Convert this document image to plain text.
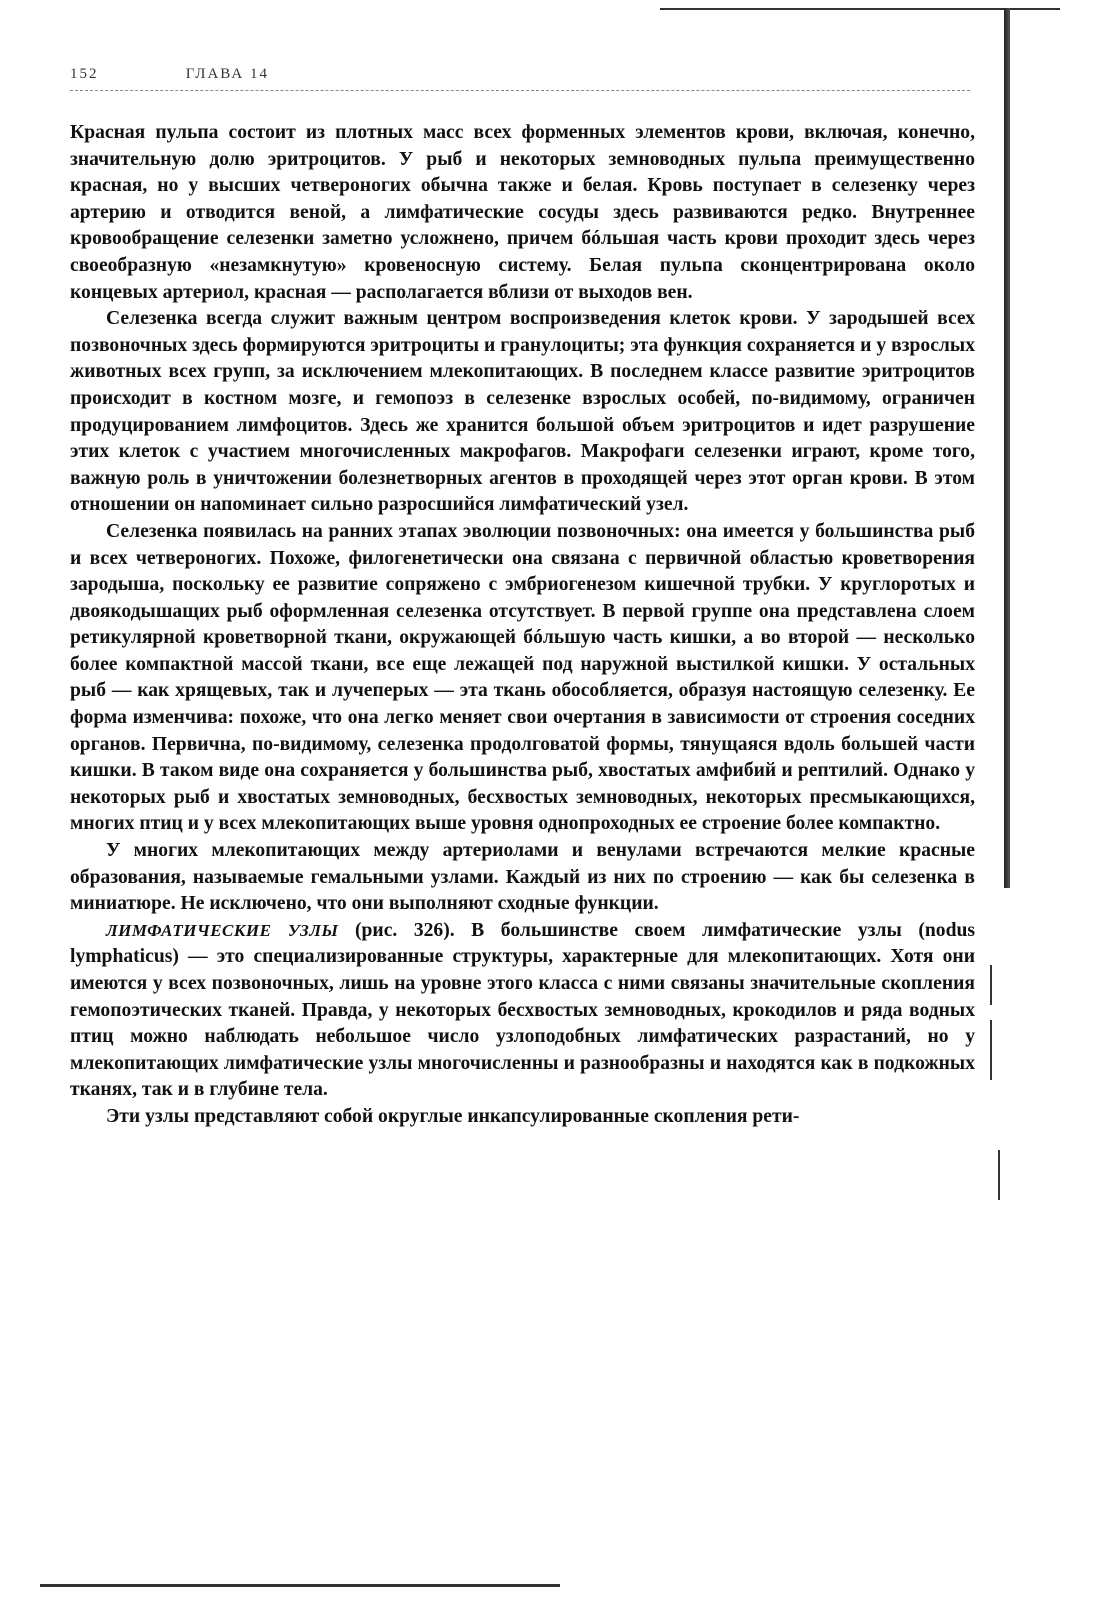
152	ГЛАВА 14

Красная пульпа состоит из плотных масс всех форменных элементов крови, включая, конечно, значительную долю эритроцитов. У рыб и некоторых земноводных пульпа преимущественно красная, но у высших четвероногих обычна также и белая. Кровь поступает в селезенку через артерию и отводится веной, а лимфатические сосуды здесь развиваются редко. Внутреннее кровообращение селезенки заметно усложнено, причем бóльшая часть крови проходит здесь через своеобразную «незамкнутую» кровеносную систему. Белая пульпа сконцентрирована около концевых артериол, красная — располагается вблизи от выходов вен.

Селезенка всегда служит важным центром воспроизведения клеток крови. У зародышей всех позвоночных здесь формируются эритроциты и гранулоциты; эта функция сохраняется и у взрослых животных всех групп, за исключением млекопитающих. В последнем классе развитие эритроцитов происходит в костном мозге, и гемопоэз в селезенке взрослых особей, по-видимому, ограничен продуцированием лимфоцитов. Здесь же хранится большой объем эритроцитов и идет разрушение этих клеток с участием многочисленных макрофагов. Макрофаги селезенки играют, кроме того, важную роль в уничтожении болезнетворных агентов в проходящей через этот орган крови. В этом отношении он напоминает сильно разросшийся лимфатический узел.

Селезенка появилась на ранних этапах эволюции позвоночных: она имеется у большинства рыб и всех четвероногих. Похоже, филогенетически она связана с первичной областью кроветворения зародыша, поскольку ее развитие сопряжено с эмбриогенезом кишечной трубки. У круглоротых и двоякодышащих рыб оформленная селезенка отсутствует. В первой группе она представлена слоем ретикулярной кроветворной ткани, окружающей бóльшую часть кишки, а во второй — несколько более компактной массой ткани, все еще лежащей под наружной выстилкой кишки. У остальных рыб — как хрящевых, так и лучеперых — эта ткань обособляется, образуя настоящую селезенку. Ее форма изменчива: похоже, что она легко меняет свои очертания в зависимости от строения соседних органов. Первична, по-видимому, селезенка продолговатой формы, тянущаяся вдоль большей части кишки. В таком виде она сохраняется у большинства рыб, хвостатых амфибий и рептилий. Однако у некоторых рыб и хвостатых земноводных, бесхвостых земноводных, некоторых пресмыкающихся, многих птиц и у всех млекопитающих выше уровня однопроходных ее строение более компактно.

У многих млекопитающих между артериолами и венулами встречаются мелкие красные образования, называемые гемальными узлами. Каждый из них по строению — как бы селезенка в миниатюре. Не исключено, что они выполняют сходные функции.

ЛИМФАТИЧЕСКИЕ УЗЛЫ (рис. 326). В большинстве своем лимфатические узлы (nodus lymphaticus) — это специализированные структуры, характерные для млекопитающих. Хотя они имеются у всех позвоночных, лишь на уровне этого класса с ними связаны значительные скопления гемопоэтических тканей. Правда, у некоторых бесхвостых земноводных, крокодилов и ряда водных птиц можно наблюдать небольшое число узлоподобных лимфатических разрастаний, но у млекопитающих лимфатические узлы многочисленны и разнообразны и находятся как в подкожных тканях, так и в глубине тела.

Эти узлы представляют собой округлые инкапсулированные скопления рети-
